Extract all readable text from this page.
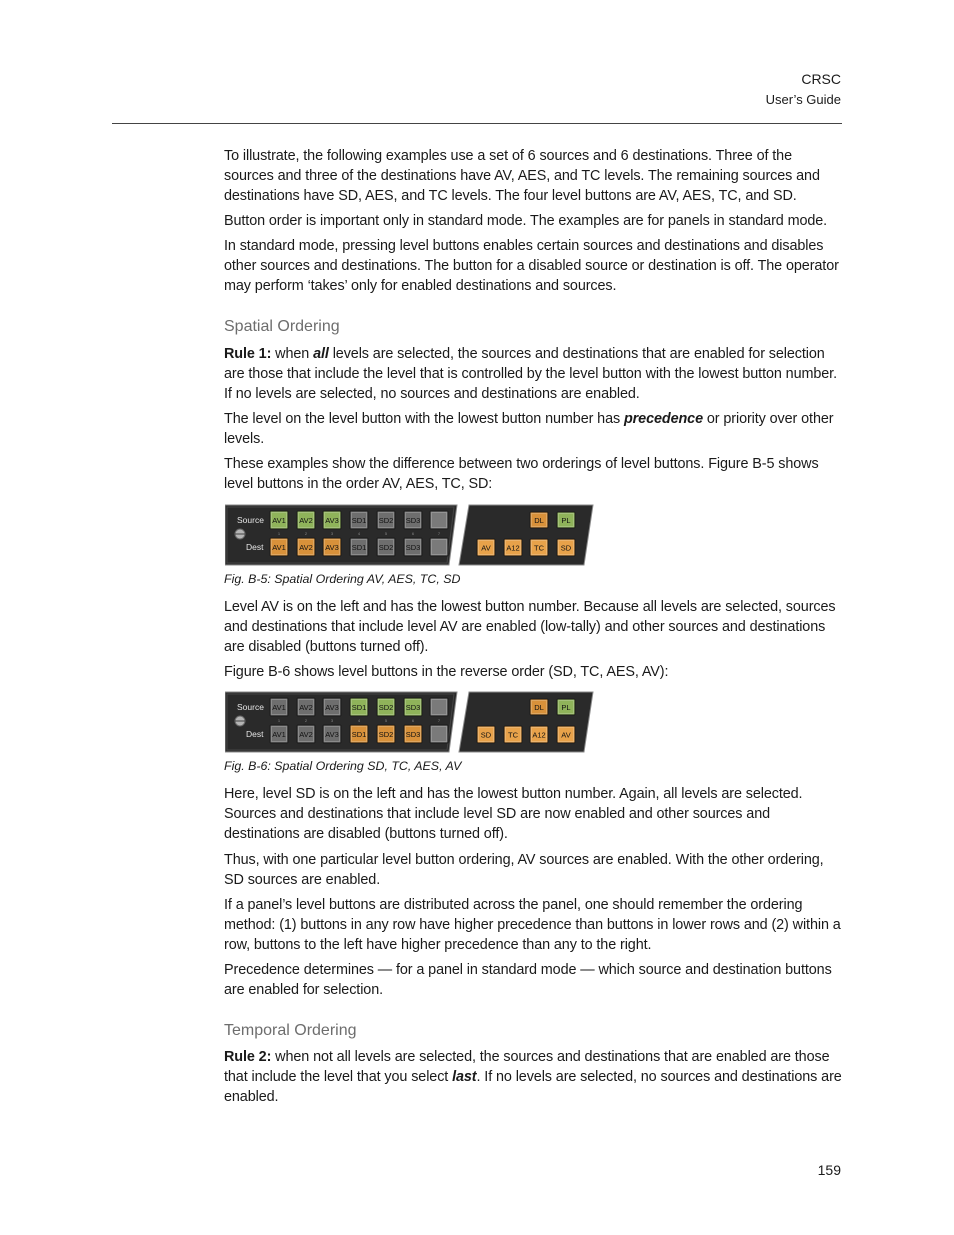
CRSC
User’s Guide

To illustrate, the following examples use a set of 6 sources and 6 destinations. Three of the sources and three of the destinations have AV, AES, and TC levels. The remaining sources and destinations have SD, AES, and TC levels. The four level buttons are AV, AES, TC, and SD.

Button order is important only in standard mode. The examples are for panels in standard mode.

In standard mode, pressing level buttons enables certain sources and destinations and disables other sources and destinations. The button for a disabled source or destination is off. The operator may perform ‘takes’ only for enabled destinations and sources.

Spatial Ordering

Rule 1: when all levels are selected, the sources and destinations that are enabled for selection are those that include the level that is controlled by the level button with the lowest button number. If no levels are selected, no sources and destinations are enabled.

The level on the level button with the lowest button number has precedence or priority over other levels.

These examples show the difference between two orderings of level buttons. Figure B-5 shows level buttons in the order AV, AES, TC, SD:

Source
Dest
AV1 AV2 AV3 SD1 SD2 SD3
AV1 AV2 AV3 SD1 SD2 SD3
1	2	3	4	5	6	7
DL PL
AV A12 TC SD
Fig. B-5: Spatial Ordering AV, AES, TC, SD

Level AV is on the left and has the lowest button number. Because all levels are selected, sources and destinations that include level AV are enabled (low-tally) and other sources and destinations are disabled (buttons turned off).

Figure B-6 shows level buttons in the reverse order (SD, TC, AES, AV):

Source
Dest
AV1 AV2 AV3 SD1 SD2 SD3
AV1 AV2 AV3 SD1 SD2 SD3
1	2	3	4	5	6	7
DL PL
SD TC A12 AV
Fig. B-6: Spatial Ordering SD, TC, AES, AV

Here, level SD is on the left and has the lowest button number. Again, all levels are selected. Sources and destinations that include level SD are now enabled and other sources and destinations are disabled (buttons turned off).

Thus, with one particular level button ordering, AV sources are enabled. With the other ordering, SD sources are enabled.

If a panel’s level buttons are distributed across the panel, one should remember the ordering method: (1) buttons in any row have higher precedence than buttons in lower rows and (2) within a row, buttons to the left have higher precedence than any to the right.

Precedence determines — for a panel in standard mode — which source and destination buttons are enabled for selection.

Temporal Ordering

Rule 2: when not all levels are selected, the sources and destinations that are enabled are those that include the level that you select last. If no levels are selected, no sources and destinations are enabled.

159
